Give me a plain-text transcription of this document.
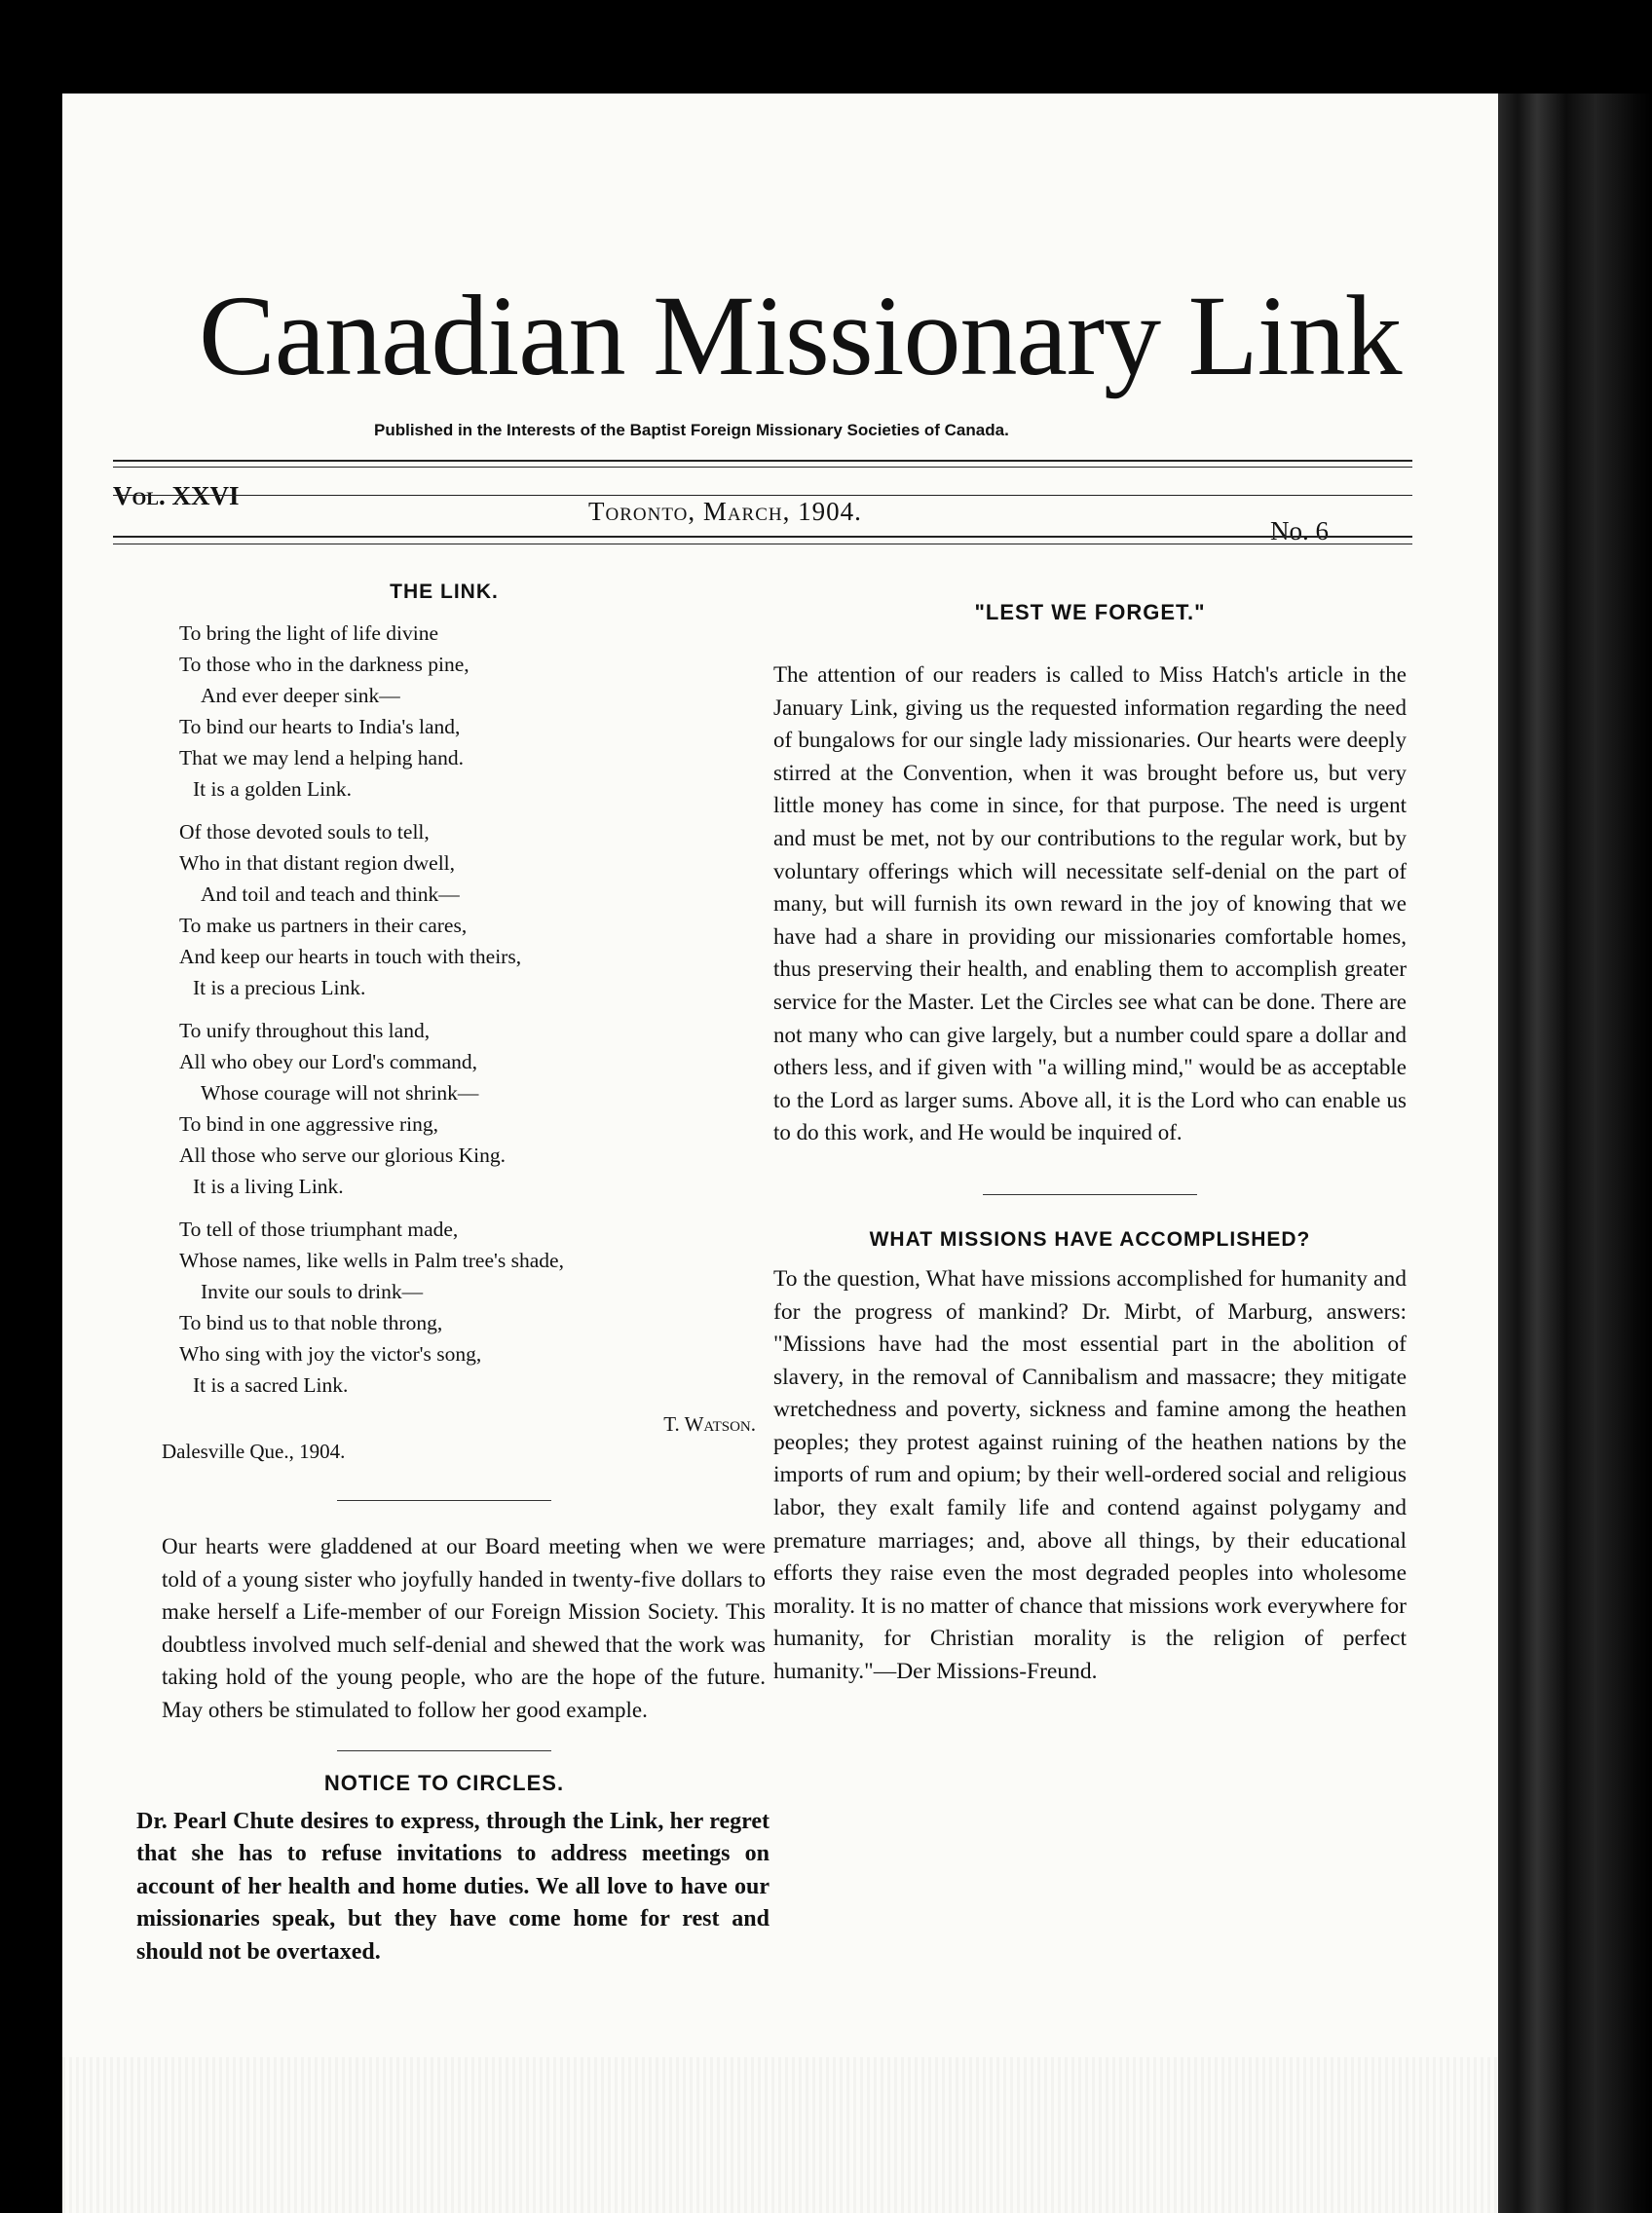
Canadian Missionary Link
Published in the Interests of the Baptist Foreign Missionary Societies of Canada.
Vol. XXVI
Toronto, March, 1904.
No. 6
THE LINK.
To bring the light of life divine
To those who in the darkness pine,
And ever deeper sink—
To bind our hearts to India's land,
That we may lend a helping hand.
It is a golden Link.
Of those devoted souls to tell,
Who in that distant region dwell,
And toil and teach and think—
To make us partners in their cares,
And keep our hearts in touch with theirs,
It is a precious Link.
To unify throughout this land,
All who obey our Lord's command,
Whose courage will not shrink—
To bind in one aggressive ring,
All those who serve our glorious King.
It is a living Link.
To tell of those triumphant made,
Whose names, like wells in Palm tree's shade,
Invite our souls to drink—
To bind us to that noble throng,
Who sing with joy the victor's song,
It is a sacred Link.
T. Watson.
Dalesville Que., 1904.
Our hearts were gladdened at our Board meeting when we were told of a young sister who joyfully handed in twenty-five dollars to make herself a Life-member of our Foreign Mission Society. This doubtless involved much self-denial and shewed that the work was taking hold of the young people, who are the hope of the future. May others be stimulated to follow her good example.
NOTICE TO CIRCLES.
Dr. Pearl Chute desires to express, through the Link, her regret that she has to refuse invitations to address meetings on account of her health and home duties. We all love to have our missionaries speak, but they have come home for rest and should not be overtaxed.
"LEST WE FORGET."
The attention of our readers is called to Miss Hatch's article in the January Link, giving us the requested information regarding the need of bungalows for our single lady missionaries. Our hearts were deeply stirred at the Convention, when it was brought before us, but very little money has come in since, for that purpose. The need is urgent and must be met, not by our contributions to the regular work, but by voluntary offerings which will necessitate self-denial on the part of many, but will furnish its own reward in the joy of knowing that we have had a share in providing our missionaries comfortable homes, thus preserving their health, and enabling them to accomplish greater service for the Master. Let the Circles see what can be done. There are not many who can give largely, but a number could spare a dollar and others less, and if given with "a willing mind," would be as acceptable to the Lord as larger sums. Above all, it is the Lord who can enable us to do this work, and He would be inquired of.
WHAT MISSIONS HAVE ACCOMPLISHED?
To the question, What have missions accomplished for humanity and for the progress of mankind? Dr. Mirbt, of Marburg, answers: "Missions have had the most essential part in the abolition of slavery, in the removal of Cannibalism and massacre; they mitigate wretchedness and poverty, sickness and famine among the heathen peoples; they protest against ruining of the heathen nations by the imports of rum and opium; by their well-ordered social and religious labor, they exalt family life and contend against polygamy and premature marriages; and, above all things, by their educational efforts they raise even the most degraded peoples into wholesome morality. It is no matter of chance that missions work everywhere for humanity, for Christian morality is the religion of perfect humanity."—Der Missions-Freund.
